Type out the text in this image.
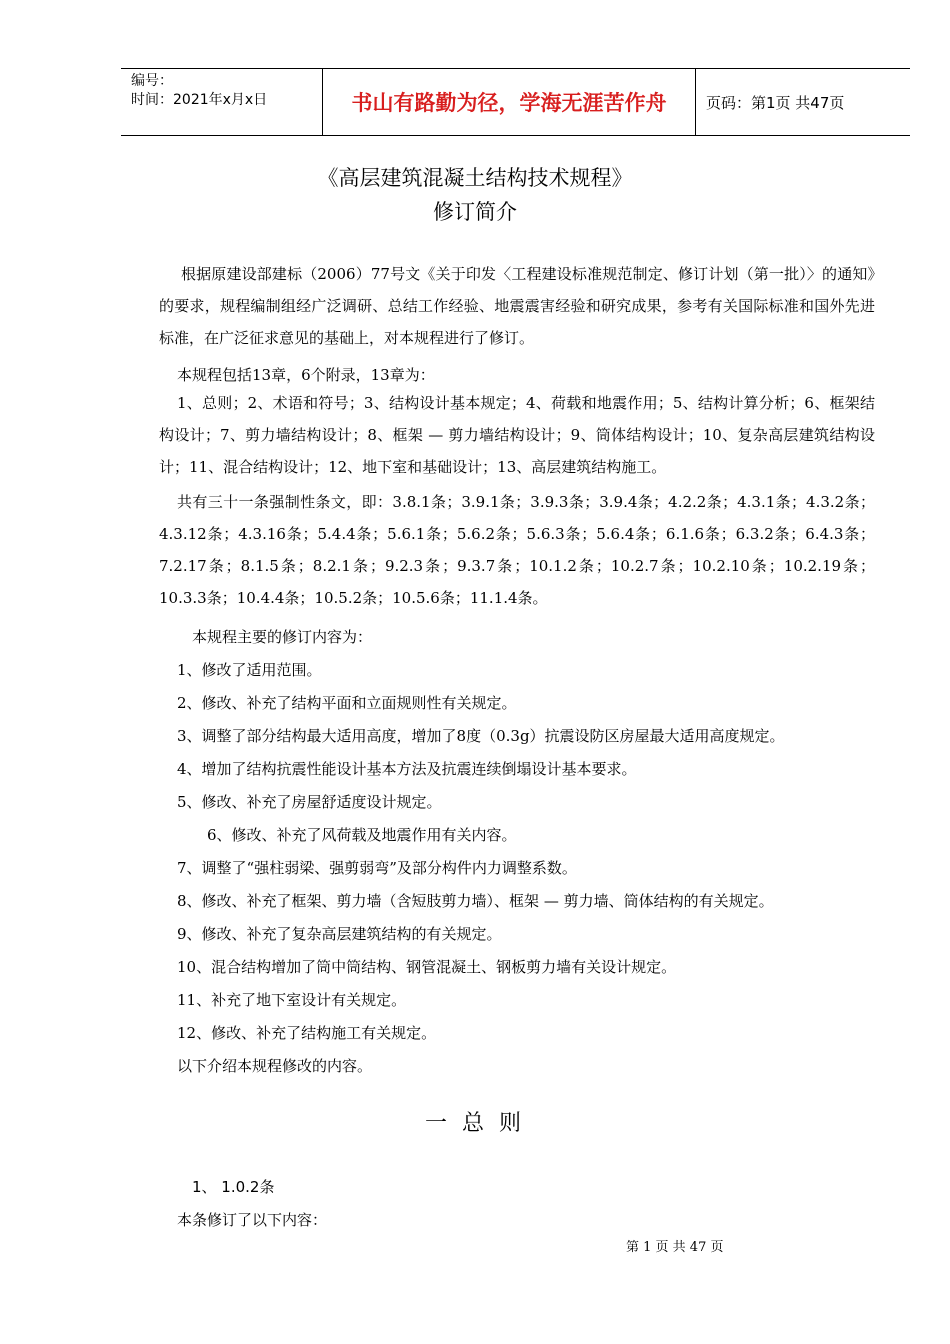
编号：
时间：2021年x月x日	书山有路勤为径，学海无涯苦作舟	页码：第1页 共47页
《高层建筑混凝土结构技术规程》
修订简介
根据原建设部建标（2006）77号文《关于印发〈工程建设标准规范制定、修订计划（第一批）〉的通知》的要求，规程编制组经广泛调研、总结工作经验、地震震害经验和研究成果，参考有关国际标准和国外先进标准，在广泛征求意见的基础上，对本规程进行了修订。
本规程包括13章，6个附录，13章为：
1、总则；2、术语和符号；3、结构设计基本规定；4、荷载和地震作用；5、结构计算分析；6、框架结构设计；7、剪力墙结构设计；8、框架 — 剪力墙结构设计；9、筒体结构设计；10、复杂高层建筑结构设计；11、混合结构设计；12、地下室和基础设计；13、高层建筑结构施工。
共有三十一条强制性条文，即：3.8.1条；3.9.1条；3.9.3条；3.9.4条；4.2.2条；4.3.1条；4.3.2条；4.3.12条；4.3.16条；5.4.4条；5.6.1条；5.6.2条；5.6.3条；5.6.4条；6.1.6条；6.3.2条；6.4.3条；7.2.17条；8.1.5条；8.2.1条；9.2.3条；9.3.7条；10.1.2条；10.2.7条；10.2.10条；10.2.19条；10.3.3条；10.4.4条；10.5.2条；10.5.6条；11.1.4条。
本规程主要的修订内容为：
1、修改了适用范围。
2、修改、补充了结构平面和立面规则性有关规定。
3、调整了部分结构最大适用高度，增加了8度（0.3g）抗震设防区房屋最大适用高度规定。
4、增加了结构抗震性能设计基本方法及抗震连续倒塌设计基本要求。
5、修改、补充了房屋舒适度设计规定。
6、修改、补充了风荷载及地震作用有关内容。
7、调整了“强柱弱梁、强剪弱弯”及部分构件内力调整系数。
8、修改、补充了框架、剪力墙（含短肢剪力墙）、框架 — 剪力墙、筒体结构的有关规定。
9、修改、补充了复杂高层建筑结构的有关规定。
10、混合结构增加了筒中筒结构、钢管混凝土、钢板剪力墙有关设计规定。
11、补充了地下室设计有关规定。
12、修改、补充了结构施工有关规定。
以下介绍本规程修改的内容。
一 总 则
1、 1.0.2条
本条修订了以下内容：
第 1 页 共 47 页
